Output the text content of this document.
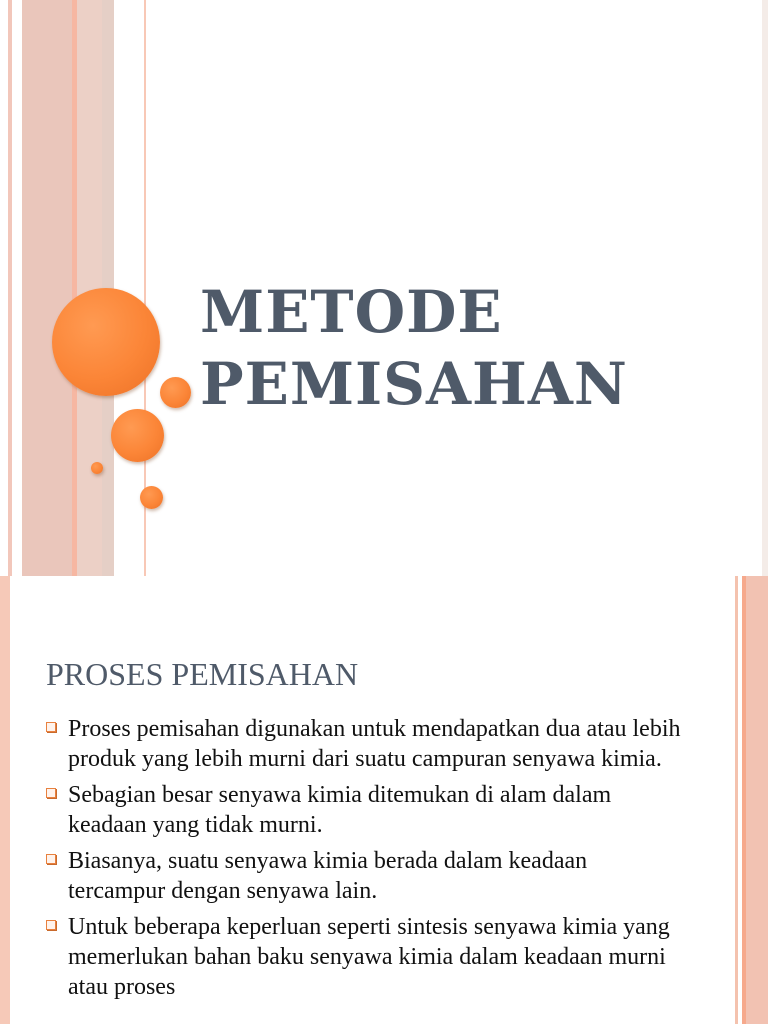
METODE
PEMISAHAN
PROSES PEMISAHAN
Proses pemisahan digunakan untuk mendapatkan dua atau lebih produk yang lebih murni dari suatu campuran senyawa kimia.
Sebagian besar senyawa kimia ditemukan di alam dalam keadaan yang tidak murni.
Biasanya, suatu senyawa kimia berada dalam keadaan tercampur dengan senyawa lain.
Untuk beberapa keperluan seperti sintesis senyawa kimia yang memerlukan bahan baku senyawa kimia dalam keadaan murni atau proses
